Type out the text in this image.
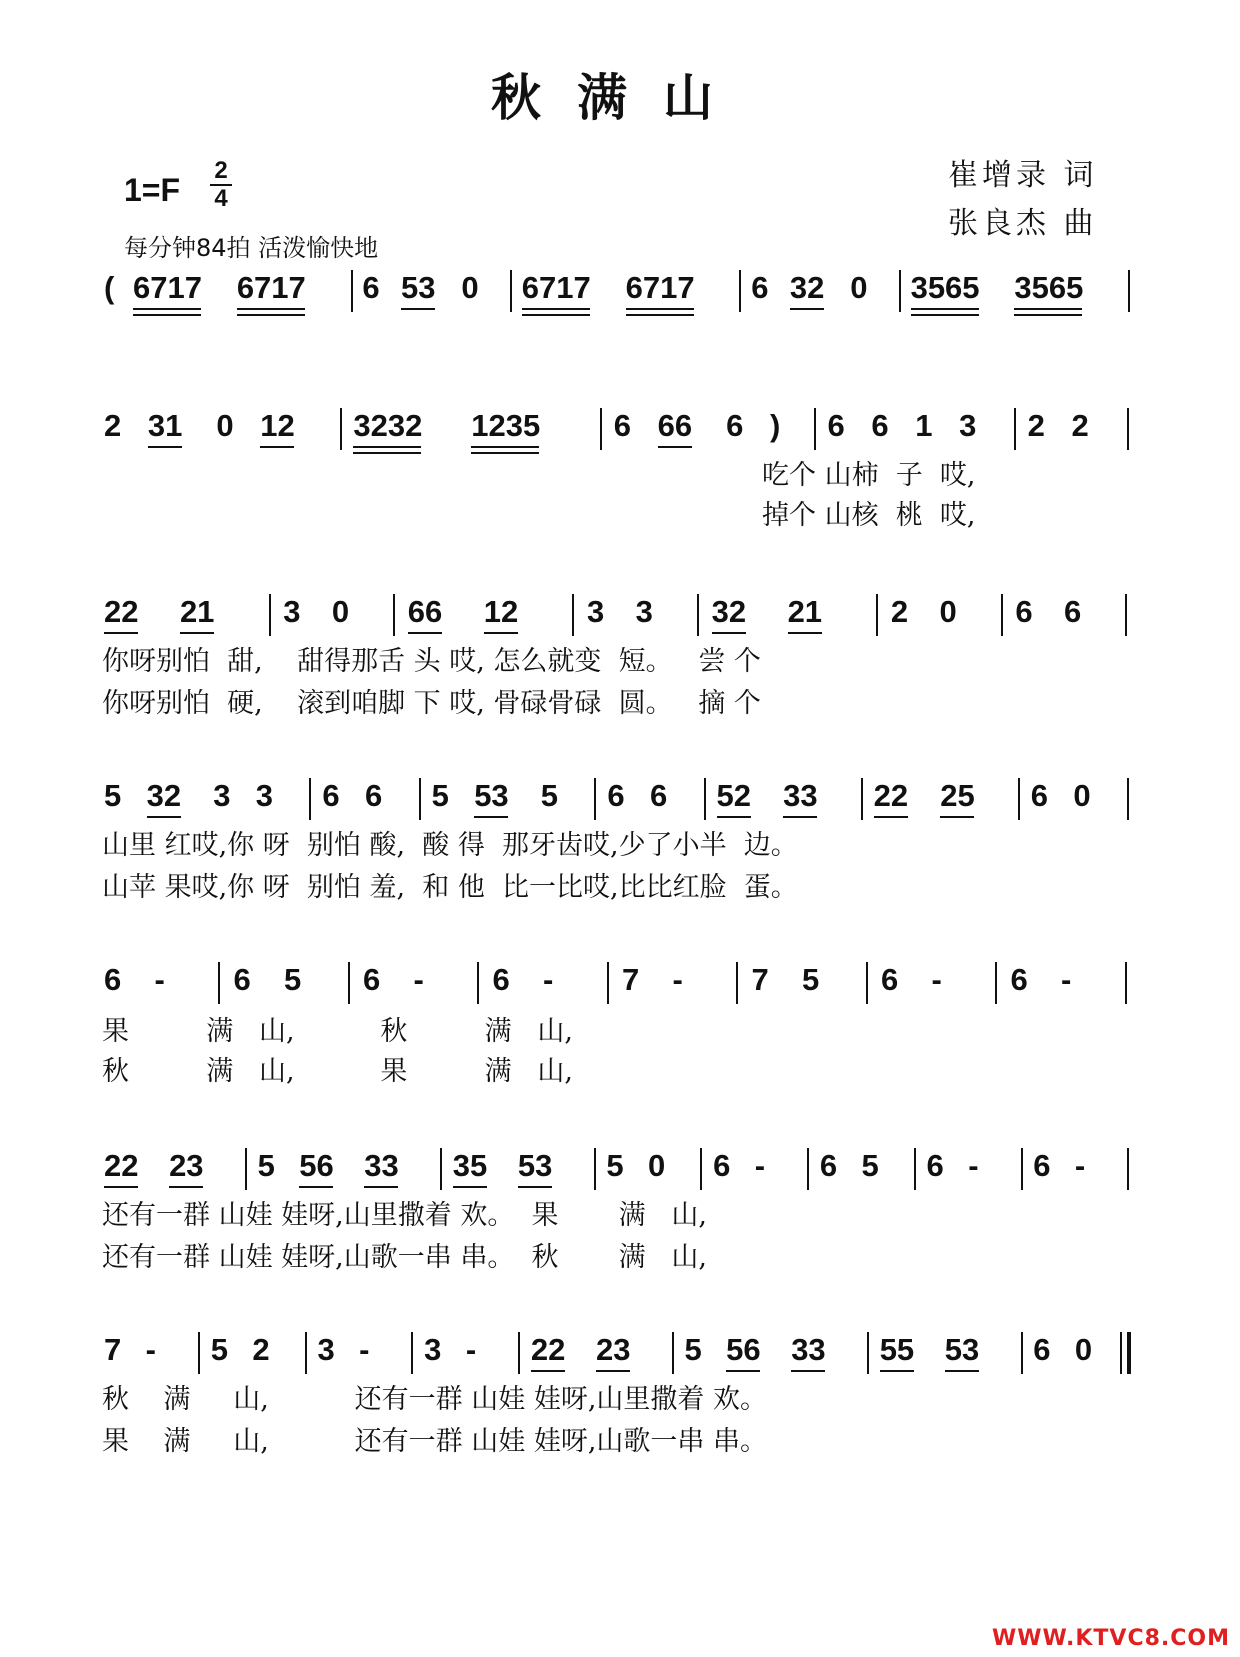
秋满山
$1=F \frac{2}{4}$
每分钟84拍 活泼愉快地
崔增录 词
张良杰 曲
( 6717 6717 6 53 0 6717 6717 6 32 0 3565 3565
2 31 0 12 3232 1235 6 66 6 ) 6 6 1 3 2 2
吃个 山柿  子  哎,
掉个 山核  桃  哎,
22 21 3 0 66 12 3 3 32 21 2 0 6 6
你呀别怕  甜,    甜得那舌 头 哎, 怎么就变  短。   尝 个
你呀别怕  硬,    滚到咱脚 下 哎, 骨碌骨碌  圆。   摘 个
5 32 3 3 6 6 5 53 5 6 6 52 33 22 25 6 0
山里 红哎,你 呀  别怕 酸,  酸 得  那牙齿哎,少了小半  边。
山苹 果哎,你 呀  别怕 羞,  和 他  比一比哎,比比红脸  蛋。
6 - 6 5 6 - 6 - 7 - 7 5 6 - 6 -
果         满   山,          秋         满   山,
秋         满   山,          果         满   山,
22 23 5 56 33 35 53 5 0 6 - 6 5 6 - 6 -
还有一群 山娃 娃呀,山里撒着 欢。  果       满   山,
还有一群 山娃 娃呀,山歌一串 串。  秋       满   山,
7 - 5 2 3 - 3 - 22 23 5 56 33 55 53 6 0
秋    满     山,          还有一群 山娃 娃呀,山里撒着 欢。
果    满     山,          还有一群 山娃 娃呀,山歌一串 串。
WWW.KTVC8.COM
